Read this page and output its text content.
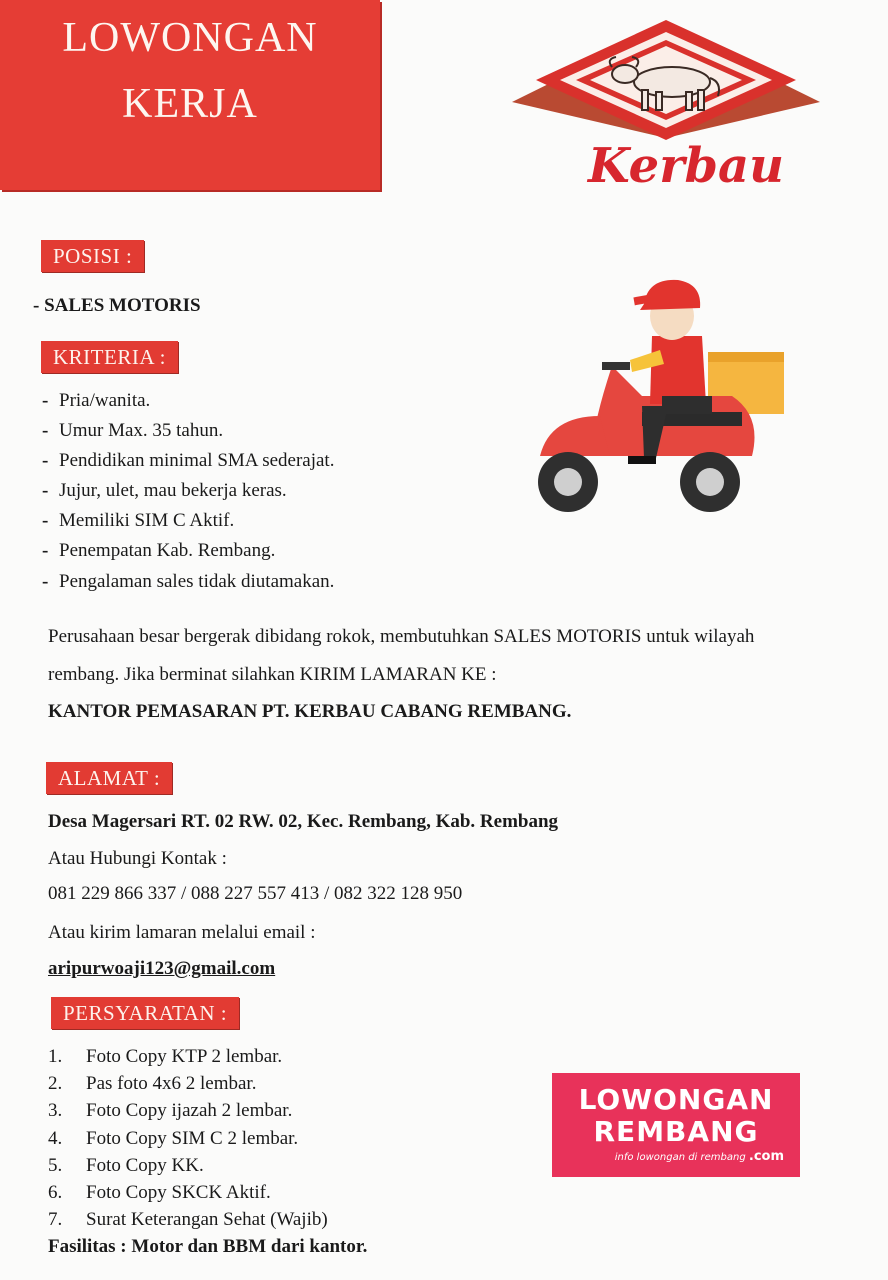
LOWONGAN
KERJA
Kerbau
POSISI :
- SALES MOTORIS
KRITERIA :
- Pria/wanita.
- Umur Max. 35 tahun.
- Pendidikan minimal SMA sederajat.
- Jujur, ulet, mau bekerja keras.
- Memiliki SIM C Aktif.
- Penempatan Kab. Rembang.
- Pengalaman sales tidak diutamakan.
Perusahaan besar bergerak dibidang rokok, membutuhkan SALES MOTORIS untuk wilayah
rembang. Jika berminat silahkan KIRIM LAMARAN KE :
KANTOR PEMASARAN PT. KERBAU CABANG REMBANG.
ALAMAT :
Desa Magersari RT. 02 RW. 02, Kec. Rembang, Kab. Rembang
Atau Hubungi Kontak :
081 229 866 337 / 088 227 557 413 / 082 322 128 950
Atau kirim lamaran melalui email :
aripurwoaji123@gmail.com
PERSYARATAN :
1. Foto Copy KTP 2 lembar.
2. Pas foto 4x6 2 lembar.
3. Foto Copy ijazah 2 lembar.
4. Foto Copy SIM C 2 lembar.
5. Foto Copy KK.
6. Foto Copy SKCK Aktif.
7. Surat Keterangan Sehat (Wajib)
Fasilitas : Motor dan BBM dari kantor.
LOWONGAN
REMBANG
info lowongan di rembang .com
